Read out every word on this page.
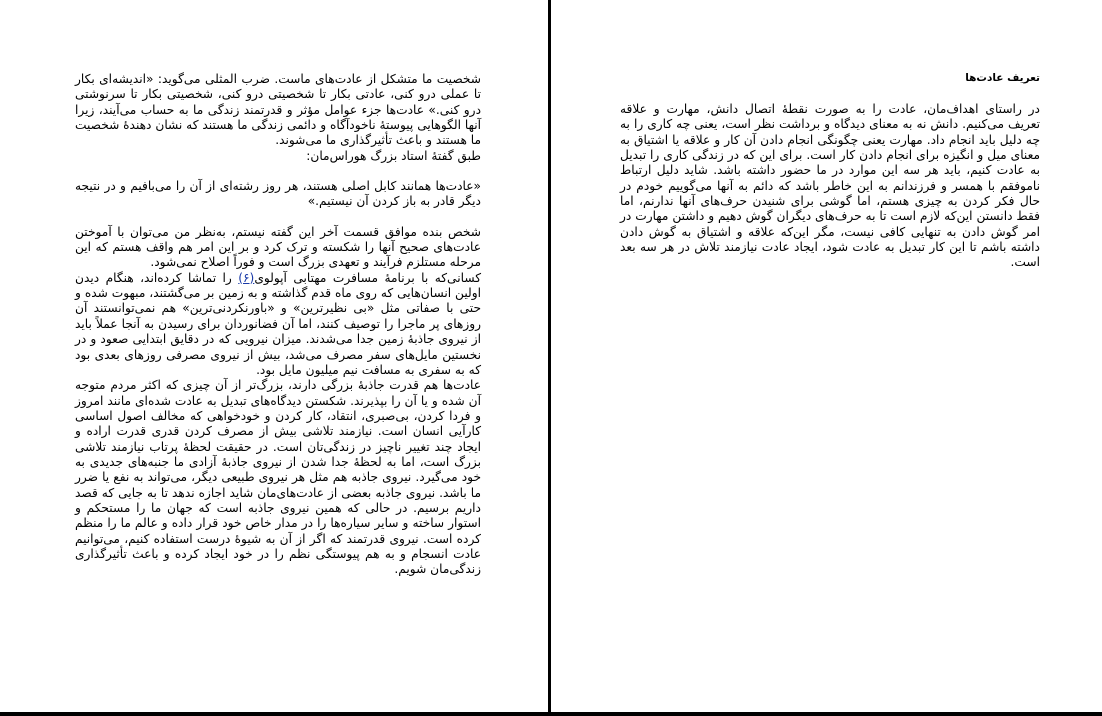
شخصیت ما متشکل از عادت‌های ماست. ضرب المثلی می‌گوید: «اندیشه‌ای بکار تا عملی درو کنی، عادتی بکار تا شخصیتی درو کنی، شخصیتی بکار تا سرنوشتی درو کنی.» عادت‌ها جزء عوامل مؤثر و قدرتمند زندگی ما به حساب می‌آیند، زیرا آنها الگوهایی پیوستهٔ ناخودآگاه و دائمی زندگی ما هستند که نشان دهندهٔ شخصیت ما هستند و باعث تأثیرگذاری ما می‌شوند.
طبق گفتهٔ استاد بزرگ هوراس‌مان:

«عادت‌ها همانند کابل اصلی هستند، هر روز رشته‌ای از آن را می‌بافیم و در نتیجه دیگر قادر به باز کردن آن نیستیم.»

شخص بنده موافق قسمت آخر این گفته نیستم، به‌نظر من می‌توان با آموختن عادت‌های صحیح آنها را شکسته و ترک کرد و بر این امر هم واقف هستم که این مرحله مستلزم فرآیند و تعهدی بزرگ است و فوراً اصلاح نمی‌شود.

کسانی‌که با برنامهٔ مسافرت مهتابی آپولوی(۶) را تماشا کرده‌اند، هنگام دیدن اولین انسان‌هایی که روی ماه قدم گذاشته و به زمین بر می‌گشتند، مبهوت شده و حتی با صفاتی مثل «بی نظیرترین» و «باورنکردنی‌ترین» هم نمی‌توانستند آن روزهای پر ماجرا را توصیف کنند، اما آن فضانوردان برای رسیدن به آنجا عملاً باید از نیروی جاذبهٔ زمین جدا می‌شدند. میزان نیرویی که در دقایق ابتدایی صعود و در نخستین مایل‌های سفر مصرف می‌شد، بیش از نیروی مصرفی روزهای بعدی بود که به سفری به مسافت نیم میلیون مایل بود.

عادت‌ها هم قدرت جاذبهٔ بزرگی دارند، بزرگ‌تر از آن چیزی که اکثر مردم متوجه آن شده و یا آن را بپذیرند. شکستن دیدگاه‌های تبدیل به عادت شده‌ای مانند امروز و فردا کردن، بی‌صبری، انتقاد، کار کردن و خودخواهی که مخالف اصول اساسی کارآیی انسان است. نیازمند تلاشی بیش از مصرف کردن قدری قدرت اراده و ایجاد چند تغییر ناچیز در زندگی‌تان است. در حقیقت لحظهٔ پرتاب نیازمند تلاشی بزرگ است، اما به لحظهٔ جدا شدن از نیروی جاذبهٔ آزادی ما جنبه‌های جدیدی به خود می‌گیرد. نیروی جاذبه هم مثل هر نیروی طبیعی دیگر، می‌تواند به نفع یا ضرر ما باشد. نیروی جاذبه بعضی از عادت‌های‌مان شاید اجازه ندهد تا به جایی که قصد داریم برسیم. در حالی که همین نیروی جاذبه است که جهان ما را مستحکم و استوار ساخته و سایر سیاره‌ها را در مدار خاص خود قرار داده و عالم ما را منظم کرده است. نیروی قدرتمند که اگر از آن به شیوهٔ درست استفاده کنیم، می‌توانیم عادت انسجام و به هم پیوستگی نظم را در خود ایجاد کرده و باعث تأثیرگذاری زندگی‌مان شویم.

تعریف عادت‌ها

در راستای اهداف‌مان، عادت را به صورت نقطهٔ اتصال دانش، مهارت و علاقه تعریف می‌کنیم. دانش نه به معنای دیدگاه و برداشت نظر است، یعنی چه کاری را به چه دلیل باید انجام داد. مهارت یعنی چگونگی انجام دادن آن کار و علاقه یا اشتیاق به معنای میل و انگیزه برای انجام دادن کار است. برای این که در زندگی کاری را تبدیل به عادت کنیم، باید هر سه این موارد در ما حضور داشته باشد. شاید دلیل ارتباط ناموفقم با همسر و فرزندانم به این خاطر باشد که دائم به آنها می‌گوییم خودم در حال فکر کردن به چیزی هستم، اما گوشی برای شنیدن حرف‌های آنها ندارنم، اما فقط دانستن این‌که لازم است تا به حرف‌های دیگران گوش دهیم و داشتن مهارت در امر گوش دادن به تنهایی کافی نیست، مگر این‌که علاقه و اشتیاق به گوش دادن داشته باشم تا این کار تبدیل به عادت شود، ایجاد عادت نیازمند تلاش در هر سه بعد است.
